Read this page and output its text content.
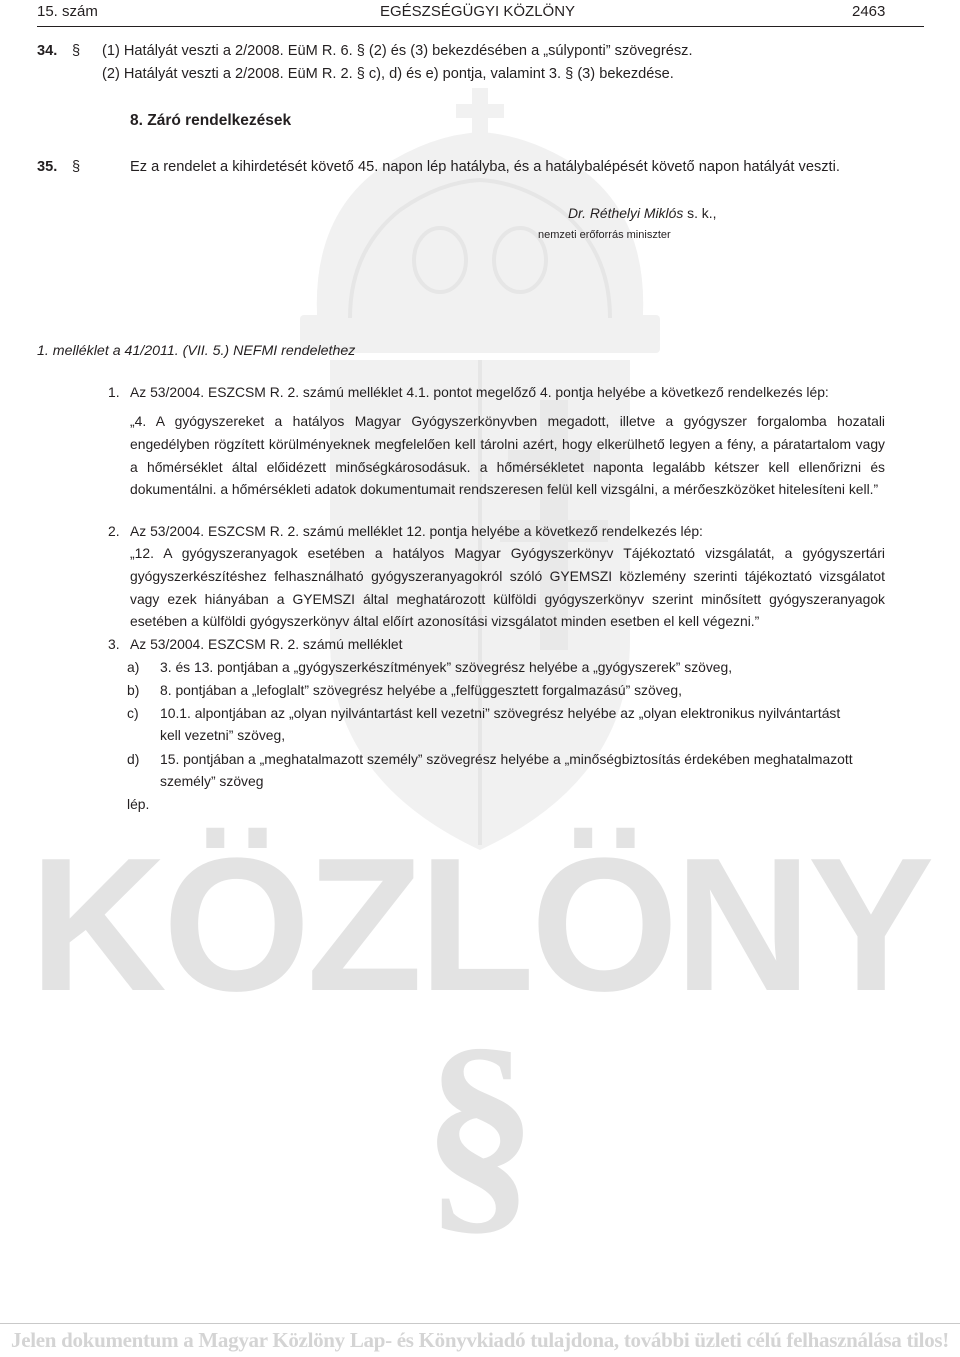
KÖZLÖNY
§
15. szám	EGÉSZSÉGÜGYI KÖZLÖNY	2463
34. § (1) Hatályát veszti a 2/2008. EüM R. 6. § (2) és (3) bekezdésében a „súlyponti” szövegrész.
(2) Hatályát veszti a 2/2008. EüM R. 2. § c), d) és e) pontja, valamint 3. § (3) bekezdése.
8. Záró rendelkezések
35. §	Ez a rendelet a kihirdetését követő 45. napon lép hatályba, és a hatálybalépését követő napon hatályát veszti.
Dr. Réthelyi Miklós s. k.,
nemzeti erőforrás miniszter
1. melléklet a 41/2011. (VII. 5.) NEFMI rendelethez
1. Az 53/2004. ESZCSM R. 2. számú melléklet 4.1. pontot megelőző 4. pontja helyébe a következő rendelkezés lép:
„4. A gyógyszereket a hatályos Magyar Gyógyszerkönyvben megadott, illetve a gyógyszer forgalomba hozatali engedélyben rögzített körülményeknek megfelelően kell tárolni azért, hogy elkerülhető legyen a fény, a páratartalom vagy a hőmérséklet által előidézett minőségkárosodásuk. a hőmérsékletet naponta legalább kétszer kell ellenőrizni és dokumentálni. a hőmérsékleti adatok dokumentumait rendszeresen felül kell vizsgálni, a mérőeszközöket hitelesíteni kell.”
2. Az 53/2004. ESZCSM R. 2. számú melléklet 12. pontja helyébe a következő rendelkezés lép:
„12. A gyógyszeranyagok esetében a hatályos Magyar Gyógyszerkönyv Tájékoztató vizsgálatát, a gyógyszertári gyógyszerkészítéshez felhasználható gyógyszeranyagokról szóló GYEMSZI közlemény szerinti tájékoztató vizsgálatot vagy ezek hiányában a GYEMSZI által meghatározott külföldi gyógyszerkönyv szerint minősített gyógyszeranyagok esetében a külföldi gyógyszerkönyv által előírt azonosítási vizsgálatot minden esetben el kell végezni.”
3. Az 53/2004. ESZCSM R. 2. számú melléklet
a) 3. és 13. pontjában a „gyógyszerkészítmények” szövegrész helyébe a „gyógyszerek” szöveg,
b) 8. pontjában a „lefoglalt” szövegrész helyébe a „felfüggesztett forgalmazású” szöveg,
c) 10.1. alpontjában az „olyan nyilvántartást kell vezetni” szövegrész helyébe az „olyan elektronikus nyilvántartást
kell vezetni” szöveg,
d) 15. pontjában a „meghatalmazott személy” szövegrész helyébe a „minőségbiztosítás érdekében meghatalmazott
személy” szöveg
lép.
Jelen dokumentum a Magyar Közlöny Lap- és Könyvkiadó tulajdona, további üzleti célú felhasználása tilos!
